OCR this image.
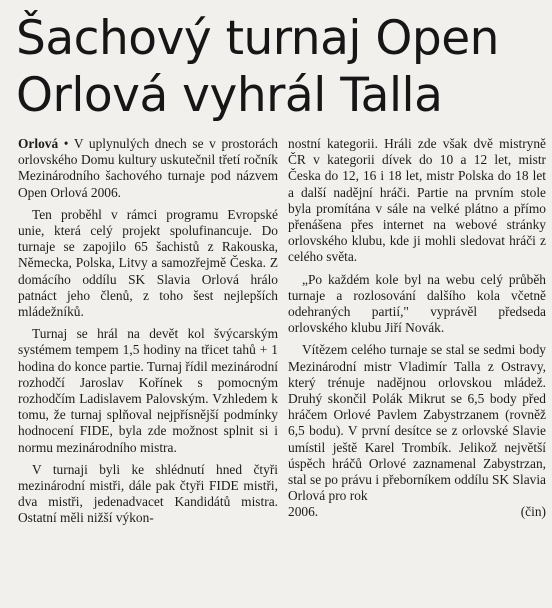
Šachový turnaj Open
Orlová vyhrál Talla

Orlová • V uplynulých dnech se v prostorách orlovského Domu kultury uskutečnil třetí ročník Mezinárodního šachového turnaje pod názvem Open Orlová 2006.

Ten proběhl v rámci programu Evropské unie, která celý projekt spolufinancuje. Do turnaje se zapojilo 65 šachistů z Rakouska, Německa, Polska, Litvy a samozřejmě Česka. Z domácího oddílu SK Slavia Orlová hrálo patnáct jeho členů, z toho šest nejlepších mládežníků.

Turnaj se hrál na devět kol švýcarským systémem tempem 1,5 hodiny na třicet tahů + 1 hodina do konce partie. Turnaj řídil mezinárodní rozhodčí Jaroslav Kořínek s pomocným rozhodčím Ladislavem Palovským. Vzhledem k tomu, že turnaj splňoval nejpřísnější podmínky hodnocení FIDE, byla zde možnost splnit si i normu mezinárodního mistra.

V turnaji byli ke shlédnutí hned čtyři mezinárodní mistři, dále pak čtyři FIDE mistři, dva mistři, jedenadvacet Kandidátů mistra. Ostatní měli nižší výkon-

nostní kategorii. Hráli zde však dvě mistryně ČR v kategorii dívek do 10 a 12 let, mistr Česka do 12, 16 i 18 let, mistr Polska do 18 let a další nadějní hráči. Partie na prvním stole byla promítána v sále na velké plátno a přímo přenášena přes internet na webové stránky orlovského klubu, kde ji mohli sledovat hráči z celého světa.

„Po každém kole byl na webu celý průběh turnaje a rozlosování dalšího kola včetně odehraných partií," vyprávěl předseda orlovského klubu Jiří Novák.

Vítězem celého turnaje se stal se sedmi body Mezinárodní mistr Vladimír Talla z Ostravy, který trénuje nadějnou orlovskou mládež. Druhý skončil Polák Mikrut se 6,5 body před hráčem Orlové Pavlem Zabystrzanem (rovněž 6,5 bodu). V první desítce se z orlovské Slavie umístil ještě Karel Trombík. Jelikož největší úspěch hráčů Orlové zaznamenal Zabystrzan, stal se po právu i přeborníkem oddílu SK Slavia Orlová pro rok

2006.	(čin)
